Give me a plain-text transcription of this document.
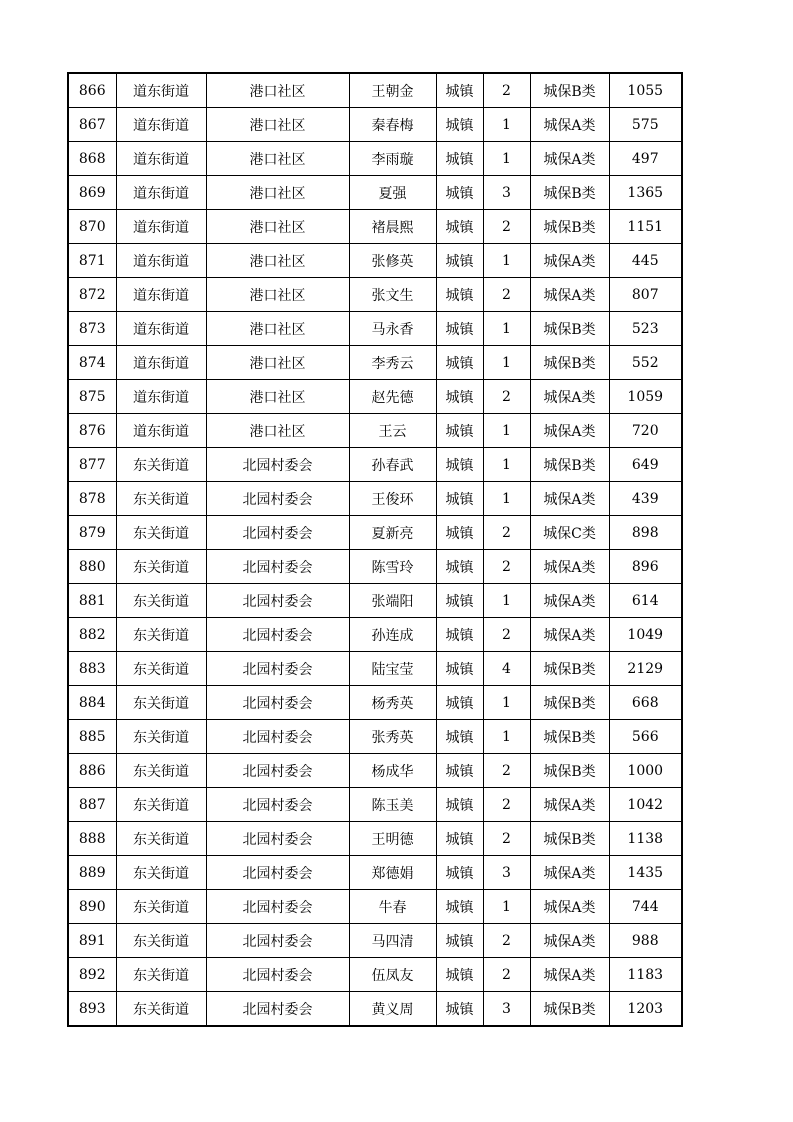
866	道东街道	港口社区	王朝金	城镇	2	城保B类	1055
867	道东街道	港口社区	秦春梅	城镇	1	城保A类	575
868	道东街道	港口社区	李雨璇	城镇	1	城保A类	497
869	道东街道	港口社区	夏强	城镇	3	城保B类	1365
870	道东街道	港口社区	褚晨熙	城镇	2	城保B类	1151
871	道东街道	港口社区	张修英	城镇	1	城保A类	445
872	道东街道	港口社区	张文生	城镇	2	城保A类	807
873	道东街道	港口社区	马永香	城镇	1	城保B类	523
874	道东街道	港口社区	李秀云	城镇	1	城保B类	552
875	道东街道	港口社区	赵先德	城镇	2	城保A类	1059
876	道东街道	港口社区	王云	城镇	1	城保A类	720
877	东关街道	北园村委会	孙春武	城镇	1	城保B类	649
878	东关街道	北园村委会	王俊环	城镇	1	城保A类	439
879	东关街道	北园村委会	夏新亮	城镇	2	城保C类	898
880	东关街道	北园村委会	陈雪玲	城镇	2	城保A类	896
881	东关街道	北园村委会	张端阳	城镇	1	城保A类	614
882	东关街道	北园村委会	孙连成	城镇	2	城保A类	1049
883	东关街道	北园村委会	陆宝莹	城镇	4	城保B类	2129
884	东关街道	北园村委会	杨秀英	城镇	1	城保B类	668
885	东关街道	北园村委会	张秀英	城镇	1	城保B类	566
886	东关街道	北园村委会	杨成华	城镇	2	城保B类	1000
887	东关街道	北园村委会	陈玉美	城镇	2	城保A类	1042
888	东关街道	北园村委会	王明德	城镇	2	城保B类	1138
889	东关街道	北园村委会	郑德娟	城镇	3	城保A类	1435
890	东关街道	北园村委会	牛春	城镇	1	城保A类	744
891	东关街道	北园村委会	马四清	城镇	2	城保A类	988
892	东关街道	北园村委会	伍凤友	城镇	2	城保A类	1183
893	东关街道	北园村委会	黄义周	城镇	3	城保B类	1203
